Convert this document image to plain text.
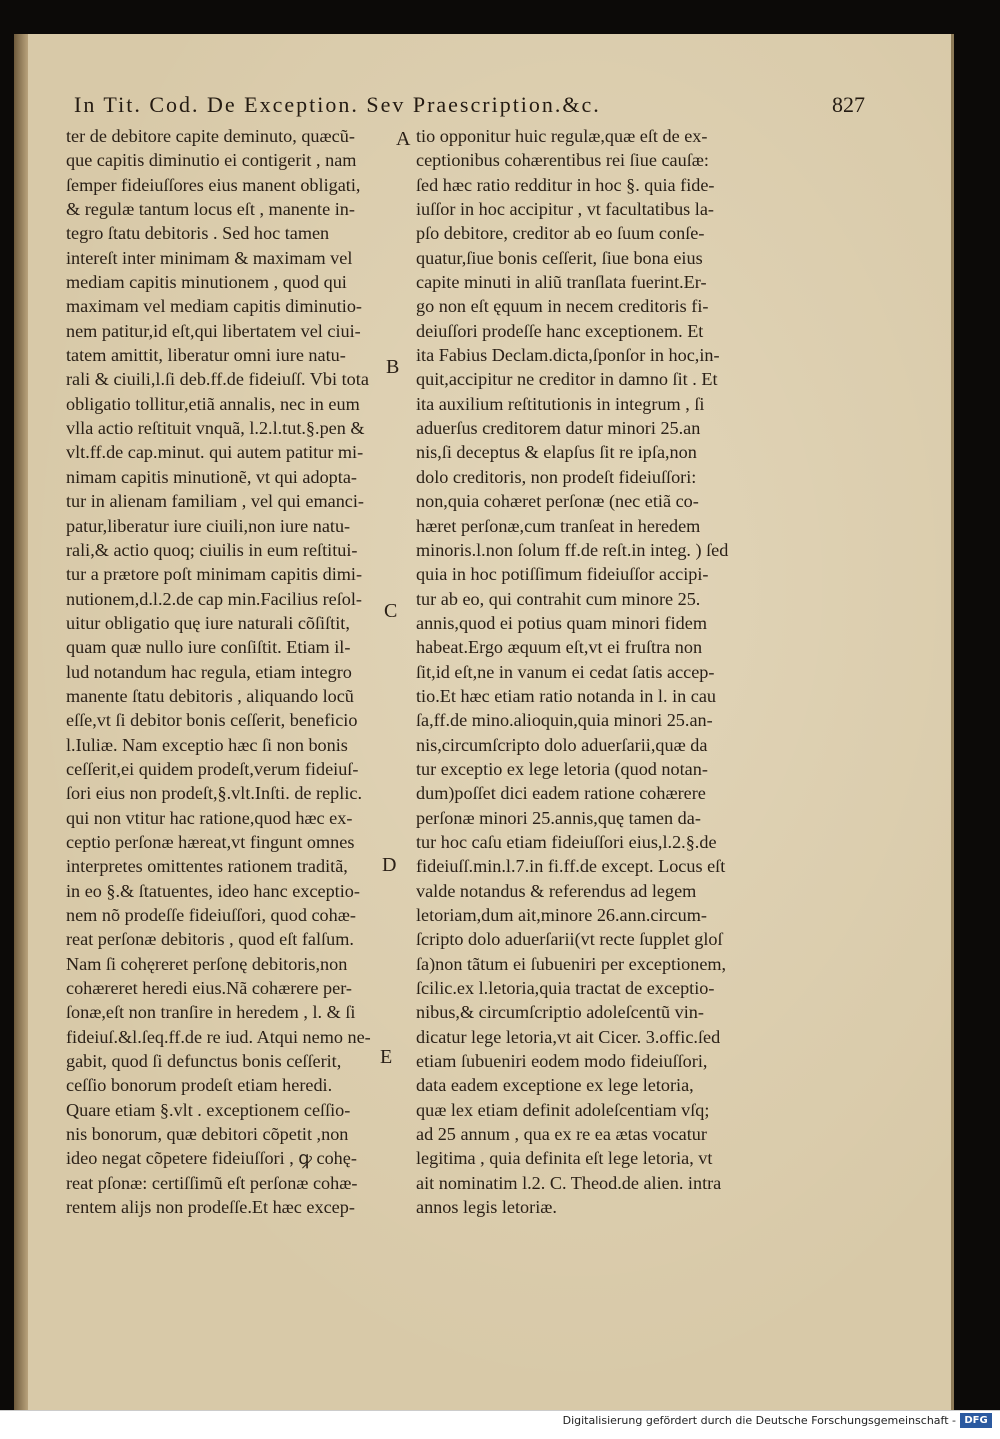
In Tit. Cod. De Exception. Sev Praescription.&c.	827
ter de debitore capite deminuto, quæcũ-
que capitis diminutio ei contigerit , nam
ſemper fideiuſſores eius manent obligati,
& regulæ tantum locus eſt , manente in-
tegro ſtatu debitoris . Sed hoc tamen
intereſt inter minimam & maximam vel
mediam capitis minutionem , quod qui
maximam vel mediam capitis diminutio-
nem patitur,id eſt,qui libertatem vel ciui-
tatem amittit, liberatur omni iure natu-
rali & ciuili,l.ſi deb.ff.de fideiuſſ. Vbi tota
obligatio tollitur,etiã annalis, nec in eum
vlla actio reſtituit vnquã, l.2.l.tut.§.pen &
vlt.ff.de cap.minut. qui autem patitur mi-
nimam capitis minutionẽ, vt qui adopta-
tur in alienam familiam , vel qui emanci-
patur,liberatur iure ciuili,non iure natu-
rali,& actio quoq; ciuilis in eum reſtitui-
tur a prætore poſt minimam capitis dimi-
nutionem,d.l.2.de cap min.Facilius reſol-
uitur obligatio quę iure naturali cõſiſtit,
quam quæ nullo iure conſiſtit. Etiam il-
lud notandum hac regula, etiam integro
manente ſtatu debitoris , aliquando locũ
eſſe,vt ſi debitor bonis ceſſerit, beneficio
l.Iuliæ. Nam exceptio hæc ſi non bonis
ceſſerit,ei quidem prodeſt,verum fideiuſ-
ſori eius non prodeſt,§.vlt.Inſti. de replic.
qui non vtitur hac ratione,quod hæc ex-
ceptio perſonæ hæreat,vt fingunt omnes
interpretes omittentes rationem traditã,
in eo §.& ſtatuentes, ideo hanc exceptio-
nem nõ prodeſſe fideiuſſori, quod cohæ-
reat perſonæ debitoris , quod eſt falſum.
Nam ſi cohęreret perſonę debitoris,non
cohæreret heredi eius.Nã cohærere per-
ſonæ,eſt non tranſire in heredem , l. & ſi
fideiuſ.&l.ſeq.ff.de re iud. Atqui nemo ne-
gabit, quod ſi defunctus bonis ceſſerit,
ceſſio bonorum prodeſt etiam heredi.
Quare etiam §.vlt . exceptionem ceſſio-
nis bonorum, quæ debitori cõpetit ,non
ideo negat cõpetere fideiuſſori , ꝙ cohę-
reat pſonæ: certiſſimũ eſt perſonæ cohæ-
rentem alijs non prodeſſe.Et hæc excep-
tio opponitur huic regulæ,quæ eſt de ex-
ceptionibus cohærentibus rei ſiue cauſæ:
ſed hæc ratio redditur in hoc §. quia fide-
iuſſor in hoc accipitur , vt facultatibus la-
pſo debitore, creditor ab eo ſuum conſe-
quatur,ſiue bonis ceſſerit, ſiue bona eius
capite minuti in aliũ tranſlata fuerint.Er-
go non eſt ęquum in necem creditoris fi-
deiuſſori prodeſſe hanc exceptionem. Et
ita Fabius Declam.dicta,ſponſor in hoc,in-
quit,accipitur ne creditor in damno ſit . Et
ita auxilium reſtitutionis in integrum , ſi
aduerſus creditorem datur minori 25.an
nis,ſi deceptus & elapſus ſit re ipſa,non
dolo creditoris, non prodeſt fideiuſſori:
non,quia cohæret perſonæ (nec etiã co-
hæret perſonæ,cum tranſeat in heredem
minoris.l.non ſolum ff.de reſt.in integ. ) ſed
quia in hoc potiſſimum fideiuſſor accipi-
tur ab eo, qui contrahit cum minore 25.
annis,quod ei potius quam minori fidem
habeat.Ergo æquum eſt,vt ei fruſtra non
ſit,id eſt,ne in vanum ei cedat ſatis accep-
tio.Et hæc etiam ratio notanda in l. in cau
ſa,ff.de mino.alioquin,quia minori 25.an-
nis,circumſcripto dolo aduerſarii,quæ da
tur exceptio ex lege letoria (quod notan-
dum)poſſet dici eadem ratione cohærere
perſonæ minori 25.annis,quę tamen da-
tur hoc caſu etiam fideiuſſori eius,l.2.§.de
fideiuſſ.min.l.7.in fi.ff.de except. Locus eſt
valde notandus & referendus ad legem
letoriam,dum ait,minore 26.ann.circum-
ſcripto dolo aduerſarii(vt recte ſupplet gloſ
ſa)non tãtum ei ſubueniri per exceptionem,
ſcilic.ex l.letoria,quia tractat de exceptio-
nibus,& circumſcriptio adoleſcentũ vin-
dicatur lege letoria,vt ait Cicer. 3.offic.ſed
etiam ſubueniri eodem modo fideiuſſori,
data eadem exceptione ex lege letoria,
quæ lex etiam definit adoleſcentiam vſq;
ad 25 annum , qua ex re ea ætas vocatur
legitima , quia definita eſt lege letoria, vt
ait nominatim l.2. C. Theod.de alien. intra
annos legis letoriæ.
A
B
C
D
E
Digitalisierung gefördert durch die Deutsche Forschungsgemeinschaft - DFG
